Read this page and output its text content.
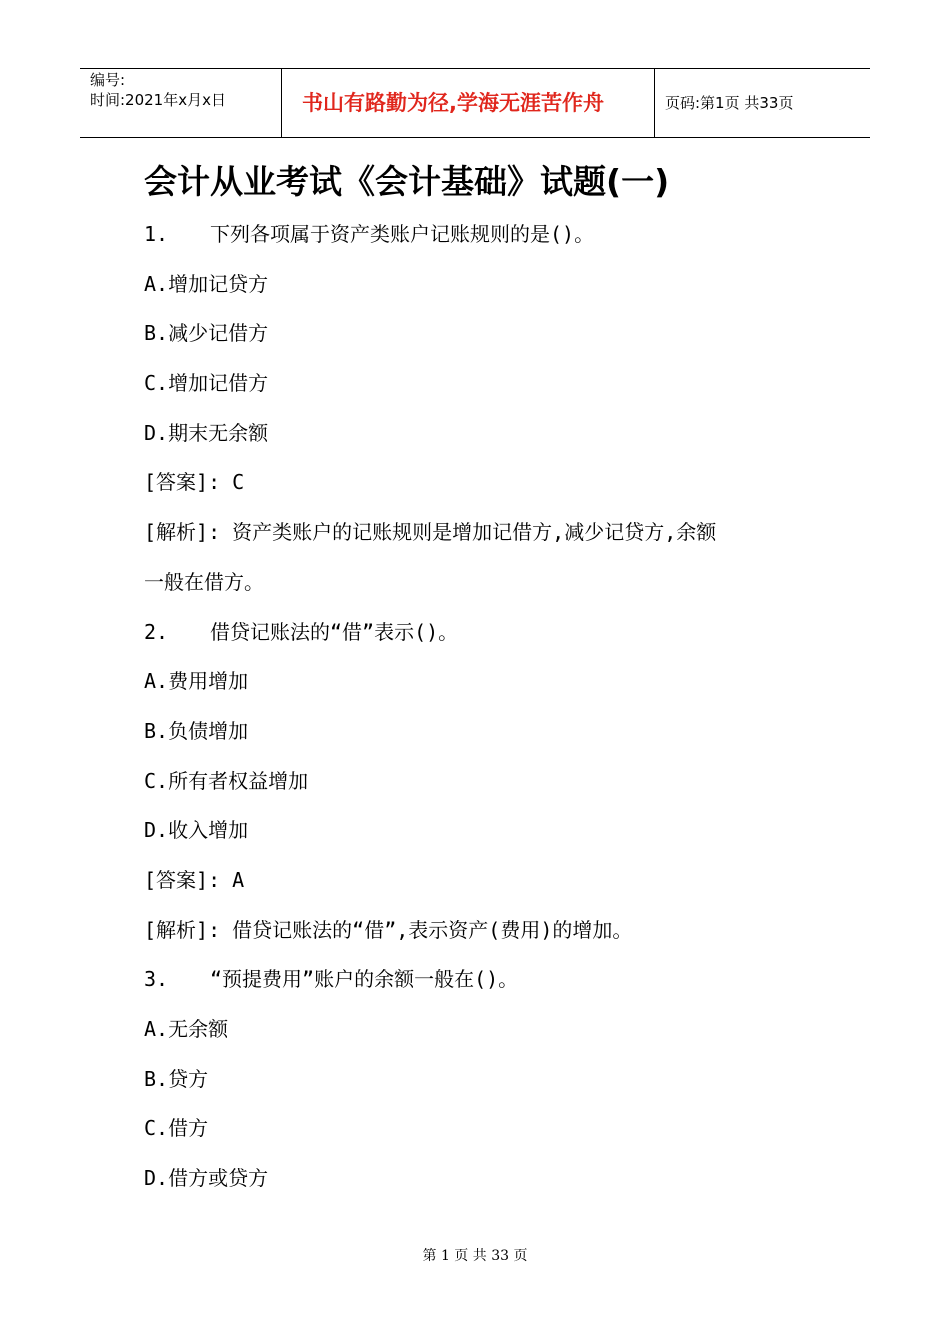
编号:
时间:2021年x月x日	书山有路勤为径,学海无涯苦作舟	页码:第1页 共33页
会计从业考试《会计基础》试题(一)
1. 下列各项属于资产类账户记账规则的是()。
A.增加记贷方
B.减少记借方
C.增加记借方
D.期末无余额
[答案]: C
[解析]: 资产类账户的记账规则是增加记借方,减少记贷方,余额
一般在借方。
2. 借贷记账法的“借”表示()。
A.费用增加
B.负债增加
C.所有者权益增加
D.收入增加
[答案]: A
[解析]: 借贷记账法的“借”,表示资产(费用)的增加。
3. “预提费用”账户的余额一般在()。
A.无余额
B.贷方
C.借方
D.借方或贷方
第 1 页 共 33 页
